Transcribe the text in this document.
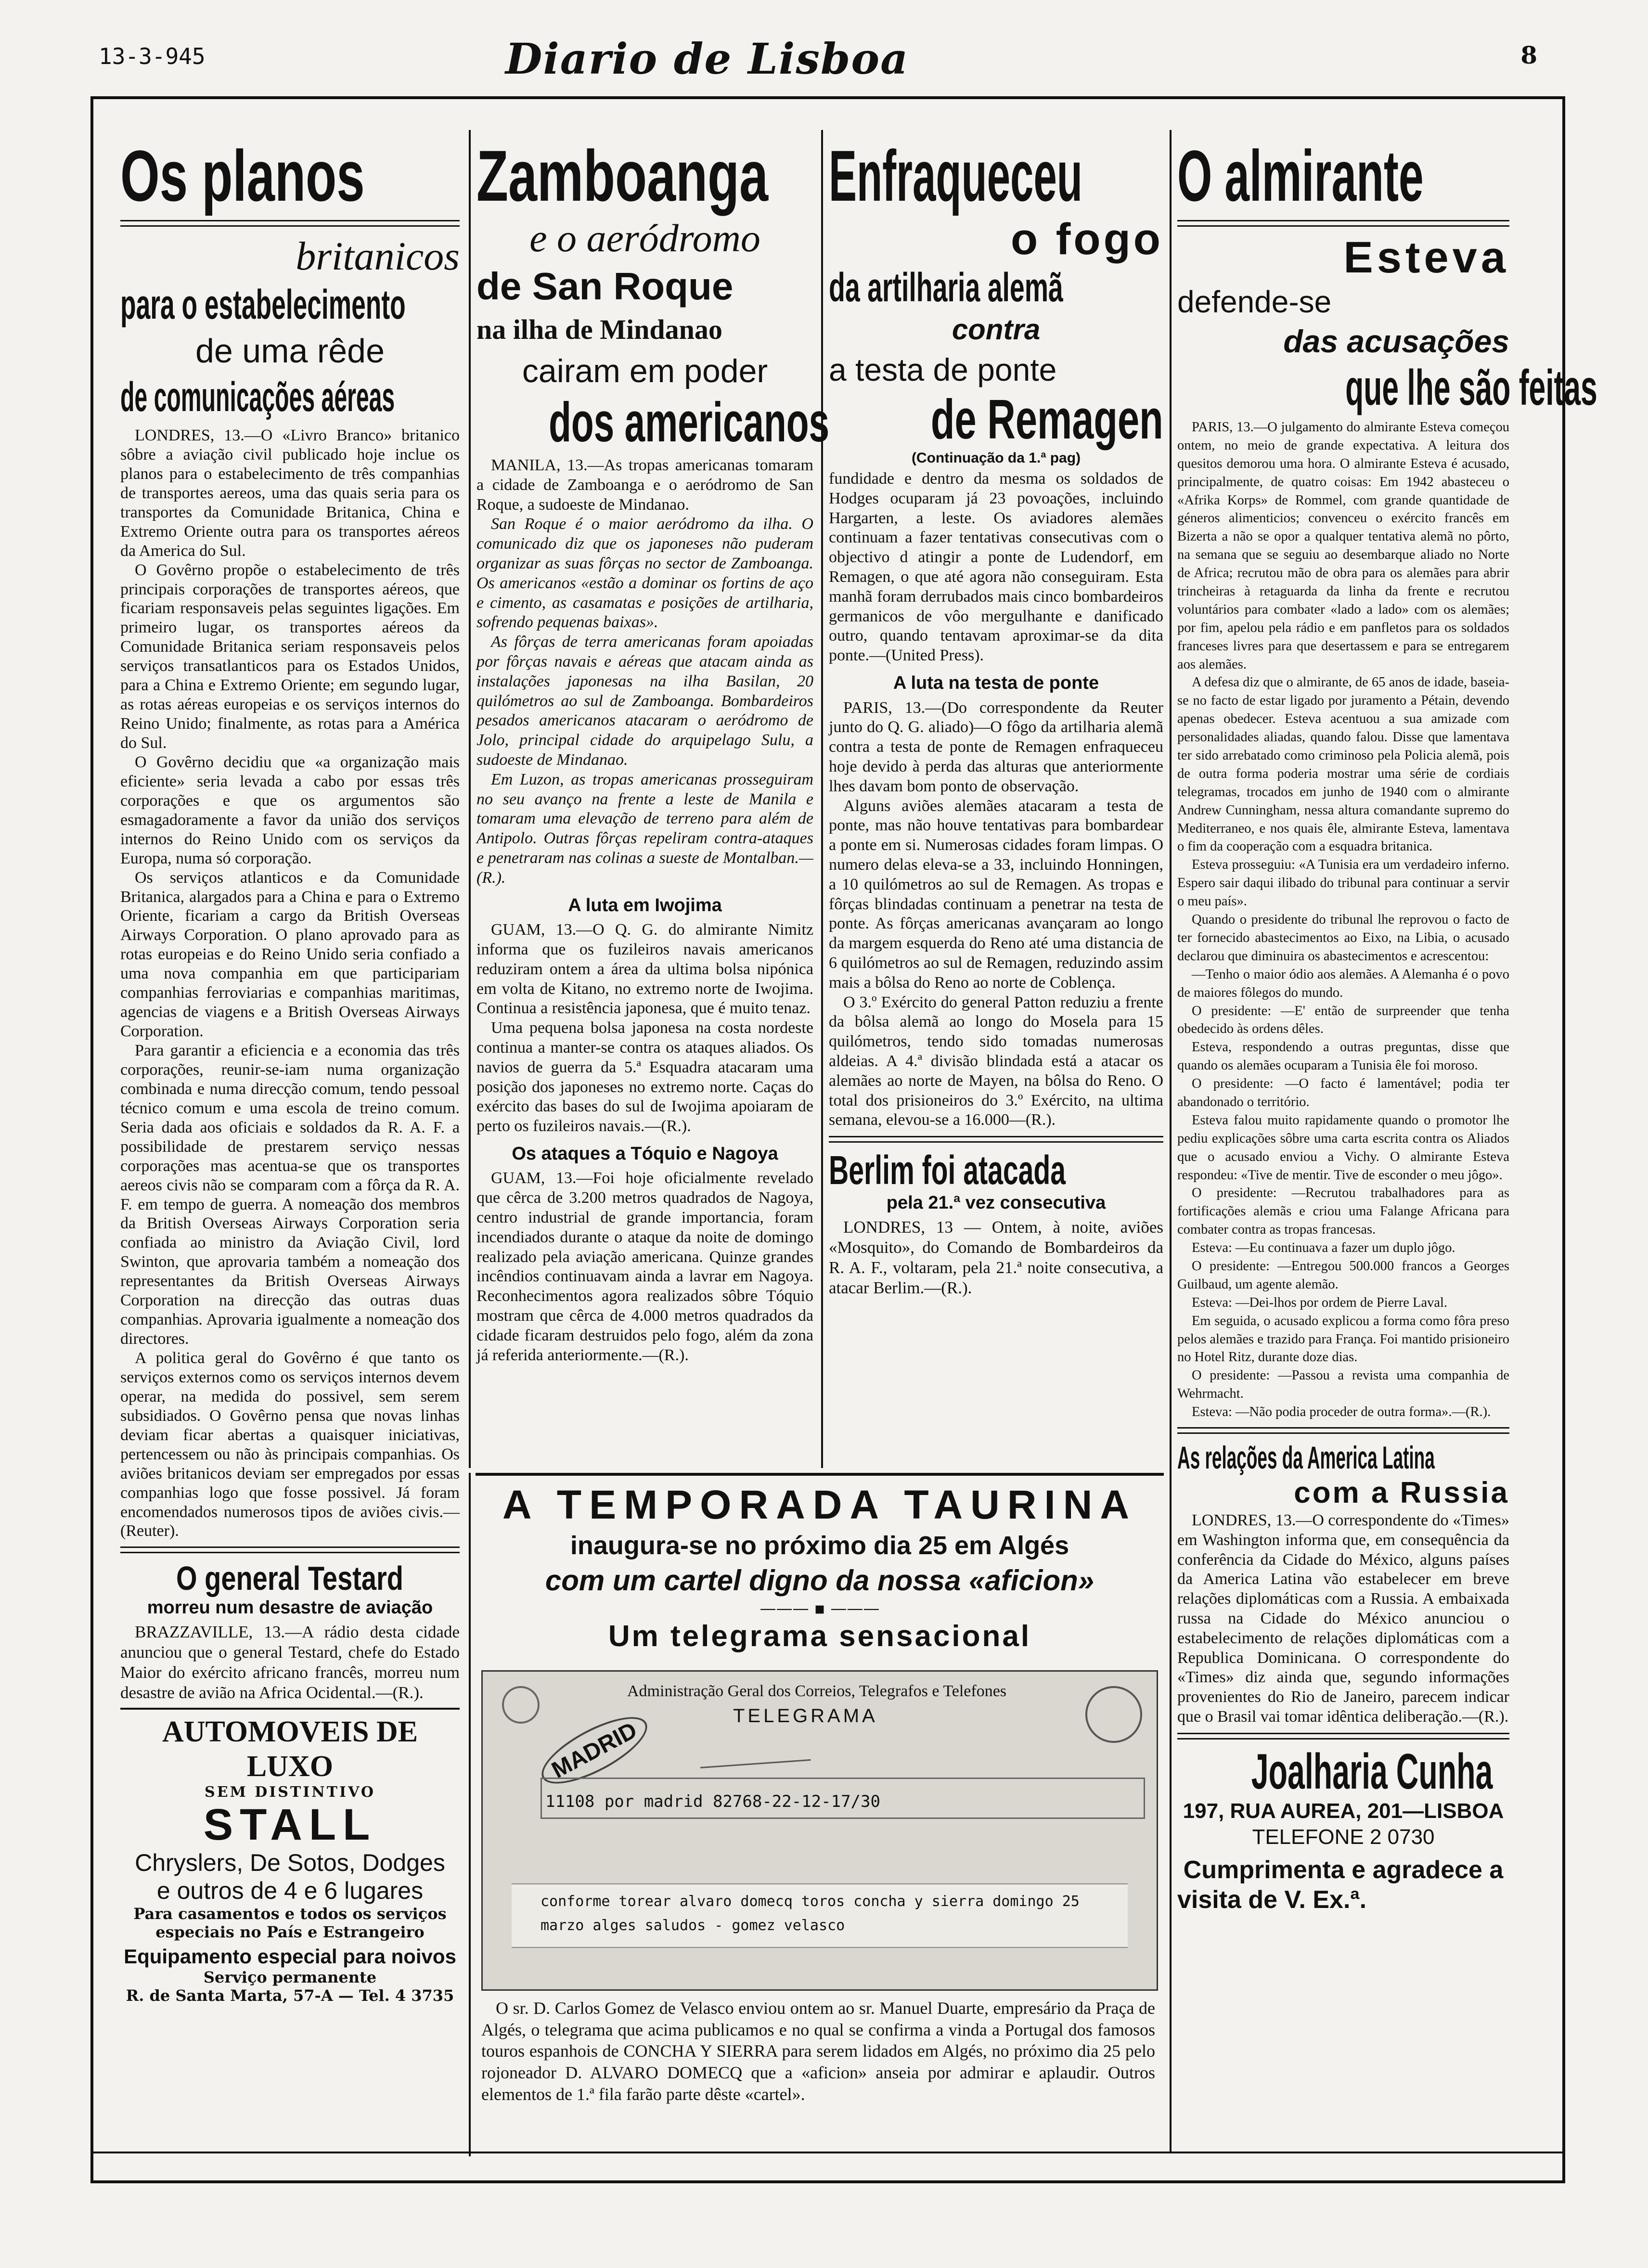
13-3-945	Diario de Lisboa	8
Os planos
britanicos
para o estabelecimento
de uma rêde
de comunicações aéreas

LONDRES, 13.—O «Livro Branco» britanico sôbre a aviação civil publicado hoje inclue os planos para o estabelecimento de três companhias de transportes aereos, uma das quais seria para os transportes da Comunidade Britanica, China e Extremo Oriente outra para os transportes aéreos da America do Sul.

O Govêrno propõe o estabelecimento de três principais corporações de transportes aéreos, que ficariam responsaveis pelas seguintes ligações. Em primeiro lugar, os transportes aéreos da Comunidade Britanica seriam responsaveis pelos serviços transatlanticos para os Estados Unidos, para a China e Extremo Oriente; em segundo lugar, as rotas aéreas europeias e os serviços internos do Reino Unido; finalmente, as rotas para a América do Sul.

O Govêrno decidiu que «a organização mais eficiente» seria levada a cabo por essas três corporações e que os argumentos são esmagadoramente a favor da união dos serviços internos do Reino Unido com os serviços da Europa, numa só corporação.

Os serviços atlanticos e da Comunidade Britanica, alargados para a China e para o Extremo Oriente, ficariam a cargo da British Overseas Airways Corporation. O plano aprovado para as rotas europeias e do Reino Unido seria confiado a uma nova companhia em que participariam companhias ferroviarias e companhias maritimas, agencias de viagens e a British Overseas Airways Corporation.

Para garantir a eficiencia e a economia das três corporações, reunir-se-iam numa organização combinada e numa direcção comum, tendo pessoal técnico comum e uma escola de treino comum. Seria dada aos oficiais e soldados da R. A. F. a possibilidade de prestarem serviço nessas corporações mas acentua-se que os transportes aereos civis não se comparam com a fôrça da R. A. F. em tempo de guerra. A nomeação dos membros da British Overseas Airways Corporation seria confiada ao ministro da Aviação Civil, lord Swinton, que aprovaria também a nomeação dos representantes da British Overseas Airways Corporation na direcção das outras duas companhias. Aprovaria igualmente a nomeação dos directores.

A politica geral do Govêrno é que tanto os serviços externos como os serviços internos devem operar, na medida do possivel, sem serem subsidiados. O Govêrno pensa que novas linhas deviam ficar abertas a quaisquer iniciativas, pertencessem ou não às principais companhias. Os aviões britanicos deviam ser empregados por essas companhias logo que fosse possivel. Já foram encomendados numerosos tipos de aviões civis.—(Reuter).

O general Testard
morreu num desastre de aviação

BRAZZAVILLE, 13.—A rádio desta cidade anunciou que o general Testard, chefe do Estado Maior do exército africano francês, morreu num desastre de avião na Africa Ocidental.—(R.).

AUTOMOVEIS DE LUXO
SEM DISTINTIVO
STALL
Chryslers, De Sotos, Dodges
e outros de 4 e 6 lugares
Para casamentos e todos os serviços
especiais no País e Estrangeiro
Equipamento especial para noivos
Serviço permanente
R. de Santa Marta, 57-A — Tel. 4 3735
Zamboanga
e o aeródromo
de San Roque
na ilha de Mindanao
cairam em poder
dos americanos

MANILA, 13.—As tropas americanas tomaram a cidade de Zamboanga e o aeródromo de San Roque, a sudoeste de Mindanao.

San Roque é o maior aeródromo da ilha. O comunicado diz que os japoneses não puderam organizar as suas fôrças no sector de Zamboanga. Os americanos «estão a dominar os fortins de aço e cimento, as casamatas e posições de artilharia, sofrendo pequenas baixas».

As fôrças de terra americanas foram apoiadas por fôrças navais e aéreas que atacam ainda as instalações japonesas na ilha Basilan, 20 quilómetros ao sul de Zamboanga. Bombardeiros pesados americanos atacaram o aeródromo de Jolo, principal cidade do arquipelago Sulu, a sudoeste de Mindanao.

Em Luzon, as tropas americanas prosseguiram no seu avanço na frente a leste de Manila e tomaram uma elevação de terreno para além de Antipolo. Outras fôrças repeliram contra-ataques e penetraram nas colinas a sueste de Montalban.—(R.).

A luta em Iwojima

GUAM, 13.—O Q. G. do almirante Nimitz informa que os fuzileiros navais americanos reduziram ontem a área da ultima bolsa nipónica em volta de Kitano, no extremo norte de Iwojima. Continua a resistência japonesa, que é muito tenaz.

Uma pequena bolsa japonesa na costa nordeste continua a manter-se contra os ataques aliados. Os navios de guerra da 5.ª Esquadra atacaram uma posição dos japoneses no extremo norte. Caças do exército das bases do sul de Iwojima apoiaram de perto os fuzileiros navais.—(R.).

Os ataques a Tóquio e Nagoya

GUAM, 13.—Foi hoje oficialmente revelado que cêrca de 3.200 metros quadrados de Nagoya, centro industrial de grande importancia, foram incendiados durante o ataque da noite de domingo realizado pela aviação americana. Quinze grandes incêndios continuavam ainda a lavrar em Nagoya. Reconhecimentos agora realizados sôbre Tóquio mostram que cêrca de 4.000 metros quadrados da cidade ficaram destruidos pelo fogo, além da zona já referida anteriormente.—(R.).

Enfraqueceu
o fogo
da artilharia alemã
contra
a testa de ponte
de Remagen
(Continuação da 1.ª pag)

fundidade e dentro da mesma os soldados de Hodges ocuparam já 23 povoações, incluindo Hargarten, a leste. Os aviadores alemães continuam a fazer tentativas consecutivas com o objectivo d atingir a ponte de Ludendorf, em Remagen, o que até agora não conseguiram. Esta manhã foram derrubados mais cinco bombardeiros germanicos de vôo mergulhante e danificado outro, quando tentavam aproximar-se da dita ponte.—(United Press).

A luta na testa de ponte

PARIS, 13.—(Do correspondente da Reuter junto do Q. G. aliado)—O fôgo da artilharia alemã contra a testa de ponte de Remagen enfraqueceu hoje devido à perda das alturas que anteriormente lhes davam bom ponto de observação.

Alguns aviões alemães atacaram a testa de ponte, mas não houve tentativas para bombardear a ponte em si. Numerosas cidades foram limpas. O numero delas eleva-se a 33, incluindo Honningen, a 10 quilómetros ao sul de Remagen. As tropas e fôrças blindadas continuam a penetrar na testa de ponte. As fôrças americanas avançaram ao longo da margem esquerda do Reno até uma distancia de 6 quilómetros ao sul de Remagen, reduzindo assim mais a bôlsa do Reno ao norte de Coblença.

O 3.º Exército do general Patton reduziu a frente da bôlsa alemã ao longo do Mosela para 15 quilómetros, tendo sido tomadas numerosas aldeias. A 4.ª divisão blindada está a atacar os alemães ao norte de Mayen, na bôlsa do Reno. O total dos prisioneiros do 3.º Exército, na ultima semana, elevou-se a 16.000—(R.).

Berlim foi atacada
pela 21.ª vez consecutiva

LONDRES, 13 — Ontem, à noite, aviões «Mosquito», do Comando de Bombardeiros da R. A. F., voltaram, pela 21.ª noite consecutiva, a atacar Berlim.—(R.).

O almirante
Esteva
defende-se
das acusações
que lhe são feitas

PARIS, 13.—O julgamento do almirante Esteva começou ontem, no meio de grande expectativa. A leitura dos quesitos demorou uma hora. O almirante Esteva é acusado, principalmente, de quatro coisas: Em 1942 abasteceu o «Afrika Korps» de Rommel, com grande quantidade de géneros alimenticios; convenceu o exército francês em Bizerta a não se opor a qualquer tentativa alemã no pôrto, na semana que se seguiu ao desembarque aliado no Norte de Africa; recrutou mão de obra para os alemães para abrir trincheiras à retaguarda da linha da frente e recrutou voluntários para combater «lado a lado» com os alemães; por fim, apelou pela rádio e em panfletos para os soldados franceses livres para que desertassem e para se entregarem aos alemães.

A defesa diz que o almirante, de 65 anos de idade, baseia-se no facto de estar ligado por juramento a Pétain, devendo apenas obedecer. Esteva acentuou a sua amizade com personalidades aliadas, quando falou. Disse que lamentava ter sido arrebatado como criminoso pela Policia alemã, pois de outra forma poderia mostrar uma série de cordiais telegramas, trocados em junho de 1940 com o almirante Andrew Cunningham, nessa altura comandante supremo do Mediterraneo, e nos quais êle, almirante Esteva, lamentava o fim da cooperação com a esquadra britanica.

Esteva prosseguiu: «A Tunisia era um verdadeiro inferno. Espero sair daqui ilibado do tribunal para continuar a servir o meu país».

Quando o presidente do tribunal lhe reprovou o facto de ter fornecido abastecimentos ao Eixo, na Libia, o acusado declarou que diminuira os abastecimentos e acrescentou:

—Tenho o maior ódio aos alemães. A Alemanha é o povo de maiores fôlegos do mundo.

O presidente: —E' então de surpreender que tenha obedecido às ordens dêles.

Esteva, respondendo a outras preguntas, disse que quando os alemães ocuparam a Tunisia êle foi moroso.

O presidente: —O facto é lamentável; podia ter abandonado o território.

Esteva falou muito rapidamente quando o promotor lhe pediu explicações sôbre uma carta escrita contra os Aliados que o acusado enviou a Vichy. O almirante Esteva respondeu: «Tive de mentir. Tive de esconder o meu jôgo».

O presidente: —Recrutou trabalhadores para as fortificações alemãs e criou uma Falange Africana para combater contra as tropas francesas.

Esteva: —Eu continuava a fazer um duplo jôgo.

O presidente: —Entregou 500.000 francos a Georges Guilbaud, um agente alemão.

Esteva: —Dei-lhos por ordem de Pierre Laval.

Em seguida, o acusado explicou a forma como fôra preso pelos alemães e trazido para França. Foi mantido prisioneiro no Hotel Ritz, durante doze dias.

O presidente: —Passou a revista uma companhia de Wehrmacht.

Esteva: —Não podia proceder de outra forma».—(R.).

As relações da America Latina
com a Russia

LONDRES, 13.—O correspondente do «Times» em Washington informa que, em consequência da conferência da Cidade do México, alguns países da America Latina vão estabelecer em breve relações diplomáticas com a Russia. A embaixada russa na Cidade do México anunciou o estabelecimento de relações diplomáticas com a Republica Dominicana. O correspondente do «Times» diz ainda que, segundo informações provenientes do Rio de Janeiro, parecem indicar que o Brasil vai tomar idêntica deliberação.—(R.).

Joalharia Cunha
197, RUA AUREA, 201—LISBOA
TELEFONE 2 0730
Cumprimenta e agradece a
visita de V. Ex.ª.
A TEMPORADA TAURINA
inaugura-se no próximo dia 25 em Algés
com um cartel digno da nossa «aficion»
——— ▪ ———
Um telegrama sensacional
Administração Geral dos Correios, Telegrafos e Telefones
TELEGRAMA
MADRID
11108 por madrid 82768-22-12-17/30
conforme torear alvaro domecq toros concha y sierra domingo 25
marzo alges saludos - gomez velasco

O sr. D. Carlos Gomez de Velasco enviou ontem ao sr. Manuel Duarte, empresário da Praça de Algés, o telegrama que acima publicamos e no qual se confirma a vinda a Portugal dos famosos touros espanhois de CONCHA Y SIERRA para serem lidados em Algés, no próximo dia 25 pelo rojoneador D. ALVARO DOMECQ que a «aficion» anseia por admirar e aplaudir. Outros elementos de 1.ª fila farão parte dêste «cartel».
